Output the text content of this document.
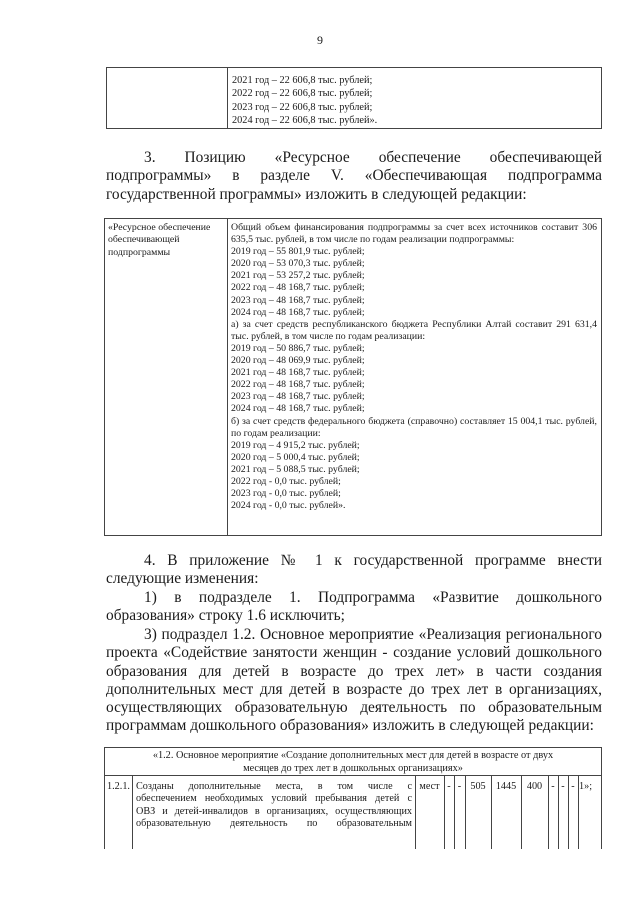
9
2021 год – 22 606,8 тыс. рублей;
2022 год – 22 606,8 тыс. рублей;
2023 год – 22 606,8 тыс. рублей;
2024 год – 22 606,8 тыс. рублей».
3. Позицию «Ресурсное обеспечение обеспечивающей
подпрограммы» в разделе V. «Обеспечивающая подпрограмма
государственной программы» изложить в следующей редакции:
«Ресурсное обеспечение
обеспечивающей
подпрограммы
Общий объем финансирования подпрограммы за счет всех источников составит 306 635,5 тыс. рублей, в том числе по годам реализации подпрограммы:
2019 год – 55 801,9 тыс. рублей;
2020 год – 53 070,3 тыс. рублей;
2021 год – 53 257,2 тыс. рублей;
2022 год – 48 168,7 тыс. рублей;
2023 год – 48 168,7 тыс. рублей;
2024 год – 48 168,7 тыс. рублей;
а) за счет средств республиканского бюджета Республики Алтай составит 291 631,4 тыс. рублей, в том числе по годам реализации:
2019 год – 50 886,7 тыс. рублей;
2020 год – 48 069,9 тыс. рублей;
2021 год – 48 168,7 тыс. рублей;
2022 год – 48 168,7 тыс. рублей;
2023 год – 48 168,7 тыс. рублей;
2024 год – 48 168,7 тыс. рублей;
б) за счет средств федерального бюджета (справочно) составляет 15 004,1 тыс. рублей, по годам реализации:
2019 год – 4 915,2 тыс. рублей;
2020 год – 5 000,4 тыс. рублей;
2021 год – 5 088,5 тыс. рублей;
2022 год - 0,0 тыс. рублей;
2023 год - 0,0 тыс. рублей;
2024 год - 0,0 тыс. рублей».
4. В приложение № 1 к государственной программе внести
следующие изменения:
1) в подразделе 1. Подпрограмма «Развитие дошкольного
образования» строку 1.6 исключить;
3) подраздел 1.2. Основное мероприятие «Реализация регионального
проекта «Содействие занятости женщин - создание условий дошкольного
образования для детей в возрасте до трех лет» в части создания
дополнительных мест для детей в возрасте до трех лет в организациях,
осуществляющих образовательную деятельность по образовательным
программам дошкольного образования» изложить в следующей редакции:
«1.2. Основное мероприятие «Создание дополнительных мест для детей в возрасте от двух
месяцев до трех лет в дошкольных организациях»
1.2.1. Созданы дополнительные места, в том числе с
обеспечением необходимых условий пребывания детей с
ОВЗ и детей-инвалидов в организациях, осуществляющих
образовательную деятельность по образовательным
мест - - 505 1445	400 - - - 1»;
